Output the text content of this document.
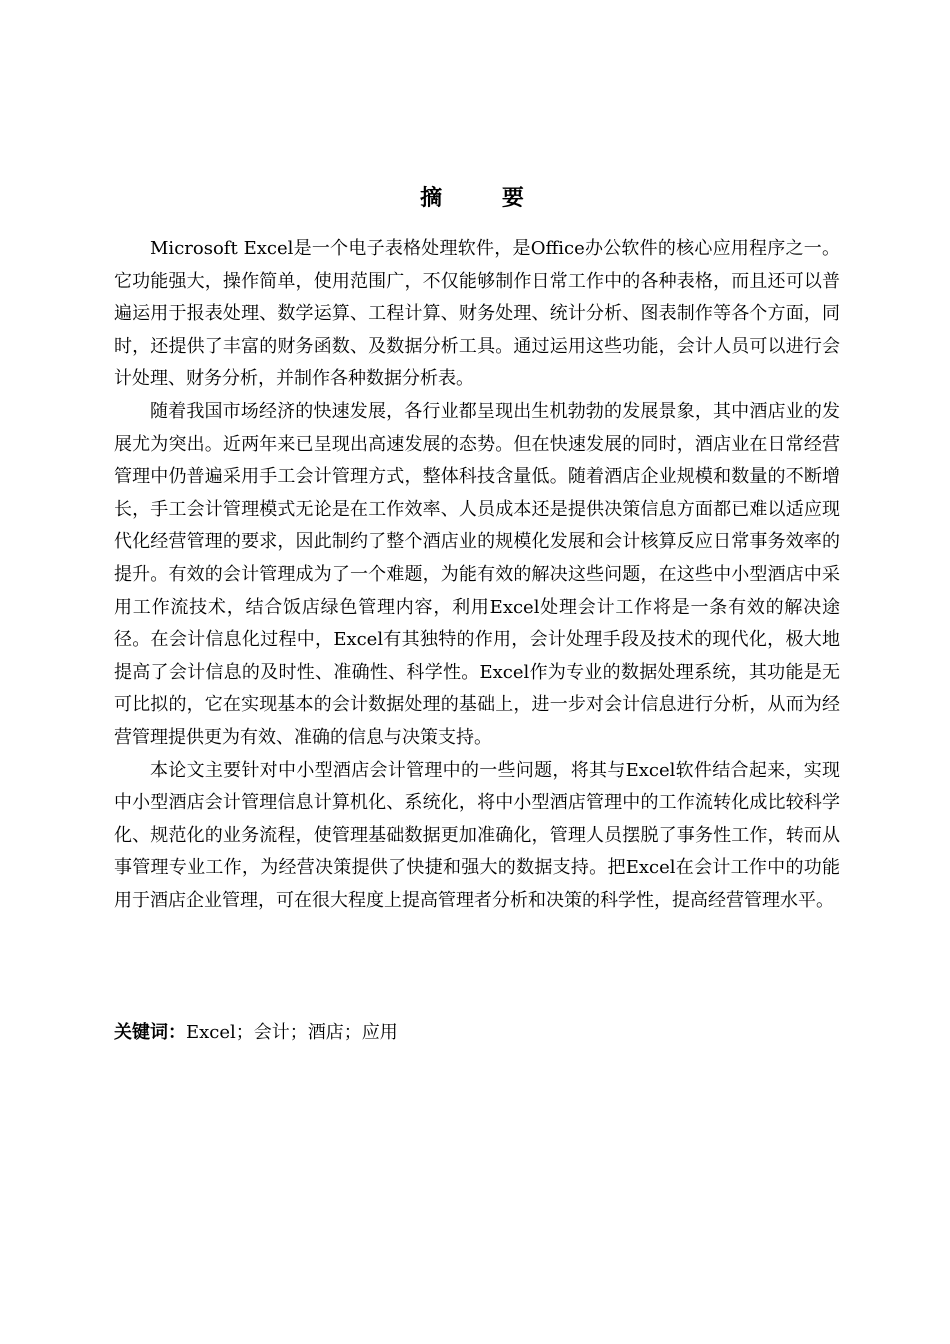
摘 要

Microsoft Excel是一个电子表格处理软件，是Office办公软件的核心应用程序之一。它功能强大，操作简单，使用范围广，不仅能够制作日常工作中的各种表格，而且还可以普遍运用于报表处理、数学运算、工程计算、财务处理、统计分析、图表制作等各个方面，同时，还提供了丰富的财务函数、及数据分析工具。通过运用这些功能，会计人员可以进行会计处理、财务分析，并制作各种数据分析表。

随着我国市场经济的快速发展，各行业都呈现出生机勃勃的发展景象，其中酒店业的发展尤为突出。近两年来已呈现出高速发展的态势。但在快速发展的同时，酒店业在日常经营管理中仍普遍采用手工会计管理方式，整体科技含量低。随着酒店企业规模和数量的不断增长，手工会计管理模式无论是在工作效率、人员成本还是提供决策信息方面都已难以适应现代化经营管理的要求，因此制约了整个酒店业的规模化发展和会计核算反应日常事务效率的提升。有效的会计管理成为了一个难题，为能有效的解决这些问题，在这些中小型酒店中采用工作流技术，结合饭店绿色管理内容，利用Excel处理会计工作将是一条有效的解决途径。在会计信息化过程中，Excel有其独特的作用，会计处理手段及技术的现代化，极大地提高了会计信息的及时性、准确性、科学性。Excel作为专业的数据处理系统，其功能是无可比拟的，它在实现基本的会计数据处理的基础上，进一步对会计信息进行分析，从而为经营管理提供更为有效、准确的信息与决策支持。

本论文主要针对中小型酒店会计管理中的一些问题，将其与Excel软件结合起来，实现中小型酒店会计管理信息计算机化、系统化，将中小型酒店管理中的工作流转化成比较科学化、规范化的业务流程，使管理基础数据更加准确化，管理人员摆脱了事务性工作，转而从事管理专业工作，为经营决策提供了快捷和强大的数据支持。把Excel在会计工作中的功能用于酒店企业管理，可在很大程度上提高管理者分析和决策的科学性，提高经营管理水平。

关键词：Excel；会计；酒店；应用
